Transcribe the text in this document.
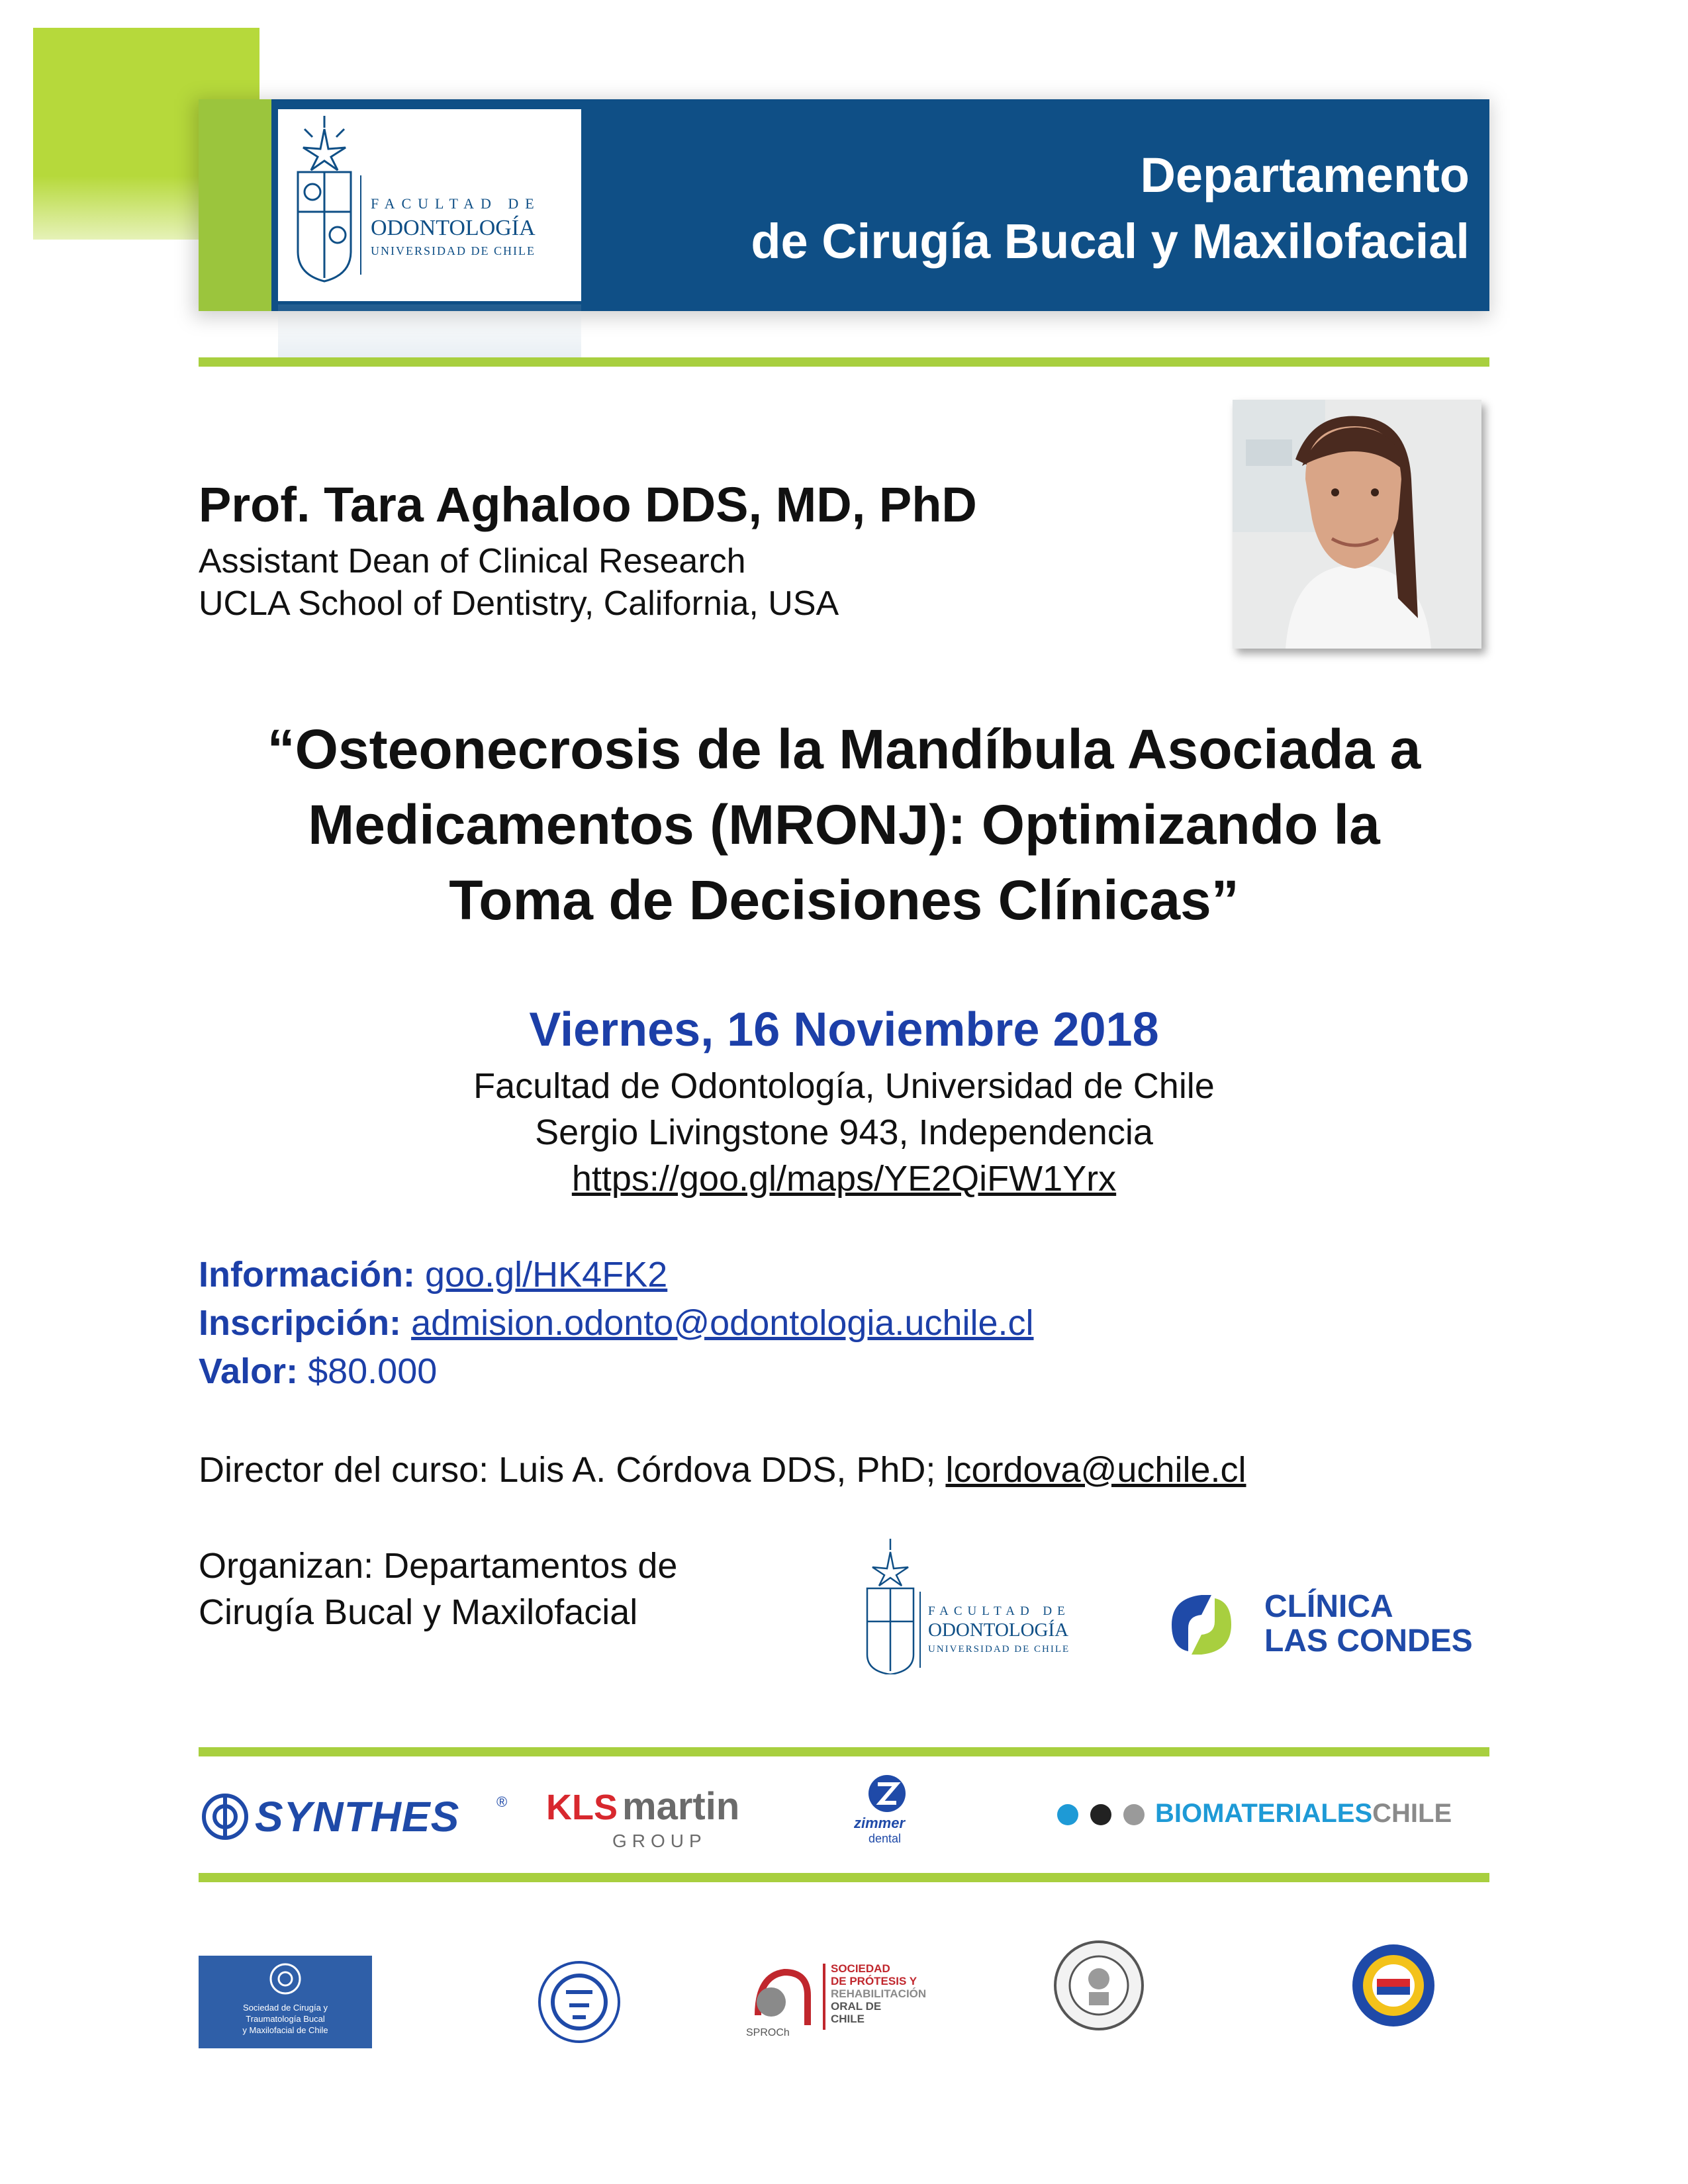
FACULTAD DE
ODONTOLOGÍA
UNIVERSIDAD DE CHILE
Departamento
de Cirugía Bucal y Maxilofacial
Prof. Tara Aghaloo DDS, MD, PhD
Assistant Dean of Clinical Research
UCLA School of Dentistry, California, USA
“Osteonecrosis de la Mandíbula Asociada a
Medicamentos (MRONJ): Optimizando la
Toma de Decisiones Clínicas”
Viernes, 16 Noviembre 2018
Facultad de Odontología, Universidad de Chile
Sergio Livingstone 943, Independencia
https://goo.gl/maps/YE2QiFW1Yrx
Información: goo.gl/HK4FK2
Inscripción: admision.odonto@odontologia.uchile.cl
Valor: $80.000
Director del curso: Luis A. Córdova DDS, PhD; lcordova@uchile.cl
Organizan: Departamentos de
Cirugía Bucal y Maxilofacial	FACULTAD DE
ODONTOLOGÍA
UNIVERSIDAD DE CHILE
CLÍNICA
LAS CONDES
SYNTHES	® KLS martin
GROUP
zimmer
dental
BIOMATERIALESCHILE
Sociedad de Cirugía y
Traumatología Bucal
y Maxilofacial de Chile	SPROCh
SOCIEDAD
DE PRÓTESIS Y
REHABILITACIÓN
ORAL DE
CHILE
